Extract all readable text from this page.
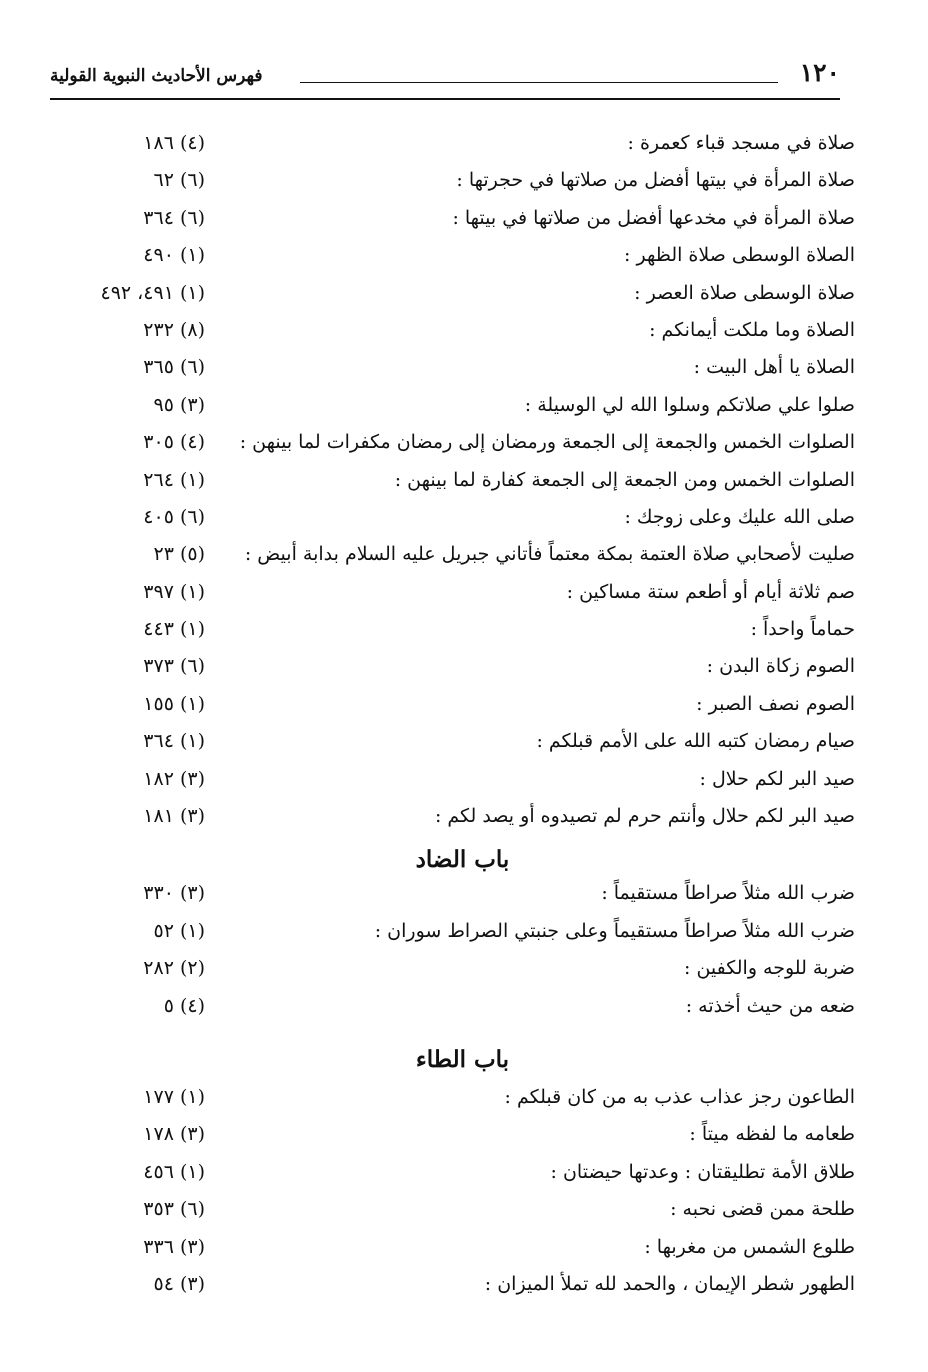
١٢٠
فهرس الأحاديث النبوية القولية
صلاة في مسجد قباء كعمرة :
(٤) ١٨٦
صلاة المرأة في بيتها أفضل من صلاتها في حجرتها :
(٦) ٦٢
صلاة المرأة في مخدعها أفضل من صلاتها في بيتها :
(٦) ٣٦٤
الصلاة الوسطى صلاة الظهر :
(١) ٤٩٠
صلاة الوسطى صلاة العصر :
(١) ٤٩١، ٤٩٢
الصلاة وما ملكت أيمانكم :
(٨) ٢٣٢
الصلاة يا أهل البيت :
(٦) ٣٦٥
صلوا علي صلاتكم وسلوا الله لي الوسيلة :
(٣) ٩٥
الصلوات الخمس والجمعة إلى الجمعة ورمضان إلى رمضان مكفرات لما بينهن :
(٤) ٣٠٥
الصلوات الخمس ومن الجمعة إلى الجمعة كفارة لما بينهن :
(١) ٢٦٤
صلى الله عليك وعلى زوجك :
(٦) ٤٠٥
صليت لأصحابي صلاة العتمة بمكة معتماً فأتاني جبريل عليه السلام بدابة أبيض :
(٥) ٢٣
صم ثلاثة أيام أو أطعم ستة مساكين :
(١) ٣٩٧
حماماً واحداً :
(١) ٤٤٣
الصوم زكاة البدن :
(٦) ٣٧٣
الصوم نصف الصبر :
(١) ١٥٥
صيام رمضان كتبه الله على الأمم قبلكم :
(١) ٣٦٤
صيد البر لكم حلال :
(٣) ١٨٢
صيد البر لكم حلال وأنتم حرم لم تصيدوه أو يصد لكم :
(٣) ١٨١
باب الضاد
ضرب الله مثلاً صراطاً مستقيماً :
(٣) ٣٣٠
ضرب الله مثلاً صراطاً مستقيماً وعلى جنبتي الصراط سوران :
(١) ٥٢
ضربة للوجه والكفين :
(٢) ٢٨٢
ضعه من حيث أخذته :
(٤) ٥
باب الطاء
الطاعون رجز عذاب عذب به من كان قبلكم :
(١) ١٧٧
طعامه ما لفظه ميتاً :
(٣) ١٧٨
طلاق الأمة تطليقتان : وعدتها حيضتان :
(١) ٤٥٦
طلحة ممن قضى نحبه :
(٦) ٣٥٣
طلوع الشمس من مغربها :
(٣) ٣٣٦
الطهور شطر الإيمان ، والحمد لله تملأ الميزان :
(٣) ٥٤
